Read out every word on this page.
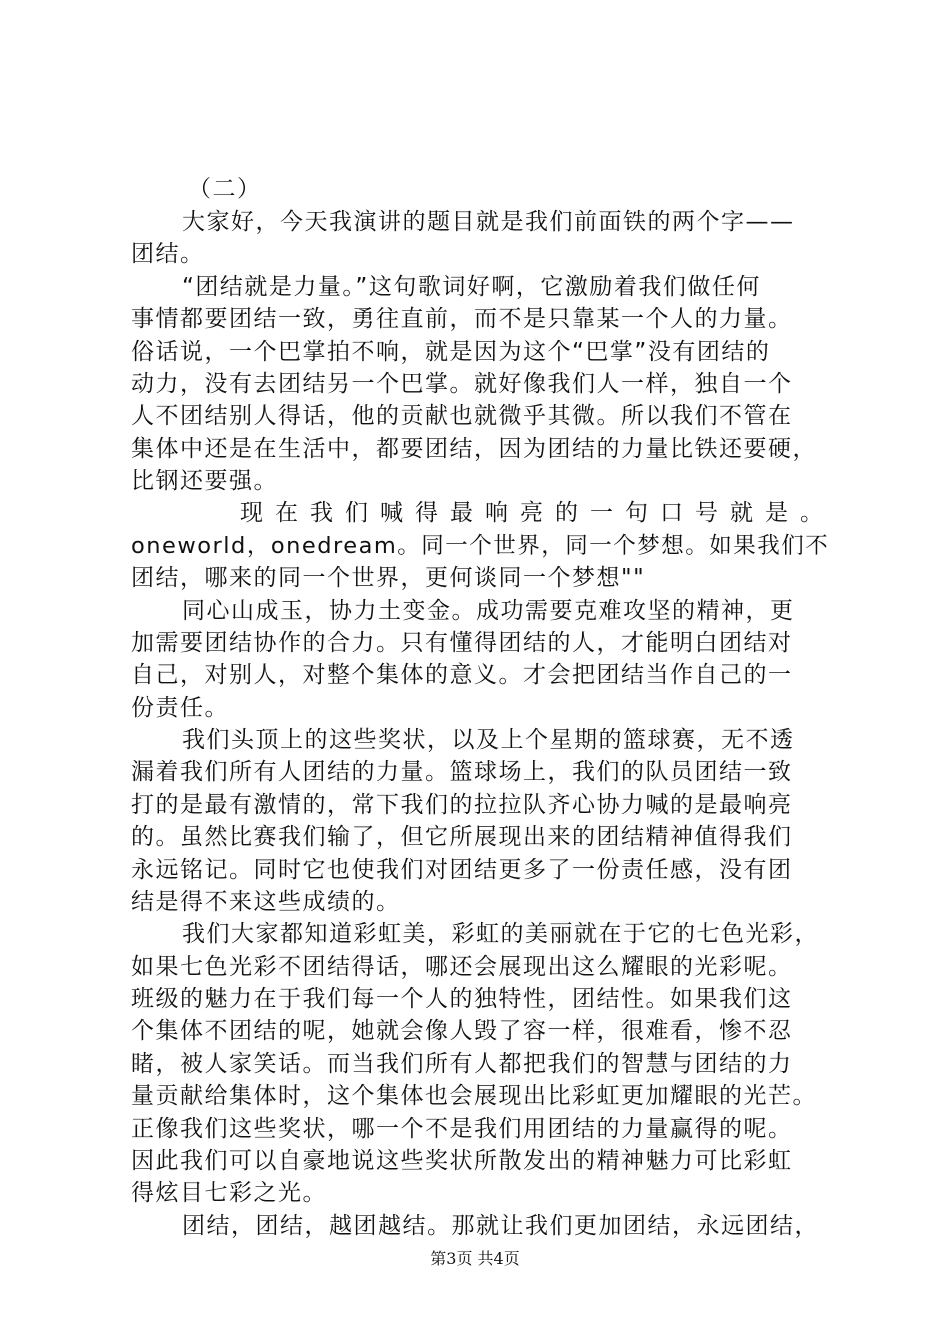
（二）
大家好，今天我演讲的题目就是我们前面铁的两个字——
团结。
“团结就是力量。”这句歌词好啊，它激励着我们做任何
事情都要团结一致，勇往直前，而不是只靠某一个人的力量。
俗话说，一个巴掌拍不响，就是因为这个“巴掌”没有团结的
动力，没有去团结另一个巴掌。就好像我们人一样，独自一个
人不团结别人得话，他的贡献也就微乎其微。所以我们不管在
集体中还是在生活中，都要团结，因为团结的力量比铁还要硬，
比钢还要强。
现在我们喊得最响亮的一句口号就是。
oneworld，onedream。同一个世界，同一个梦想。如果我们不
团结，哪来的同一个世界，更何谈同一个梦想""
同心山成玉，协力土变金。成功需要克难攻坚的精神，更
加需要团结协作的合力。只有懂得团结的人，才能明白团结对
自己，对别人，对整个集体的意义。才会把团结当作自己的一
份责任。
我们头顶上的这些奖状，以及上个星期的篮球赛，无不透
漏着我们所有人团结的力量。篮球场上，我们的队员团结一致
打的是最有激情的，常下我们的拉拉队齐心协力喊的是最响亮
的。虽然比赛我们输了，但它所展现出来的团结精神值得我们
永远铭记。同时它也使我们对团结更多了一份责任感，没有团
结是得不来这些成绩的。
我们大家都知道彩虹美，彩虹的美丽就在于它的七色光彩，
如果七色光彩不团结得话，哪还会展现出这么耀眼的光彩呢。
班级的魅力在于我们每一个人的独特性，团结性。如果我们这
个集体不团结的呢，她就会像人毁了容一样，很难看，惨不忍
睹，被人家笑话。而当我们所有人都把我们的智慧与团结的力
量贡献给集体时，这个集体也会展现出比彩虹更加耀眼的光芒。
正像我们这些奖状，哪一个不是我们用团结的力量赢得的呢。
因此我们可以自豪地说这些奖状所散发出的精神魅力可比彩虹
得炫目七彩之光。
团结，团结，越团越结。那就让我们更加团结，永远团结，
第3页 共4页
